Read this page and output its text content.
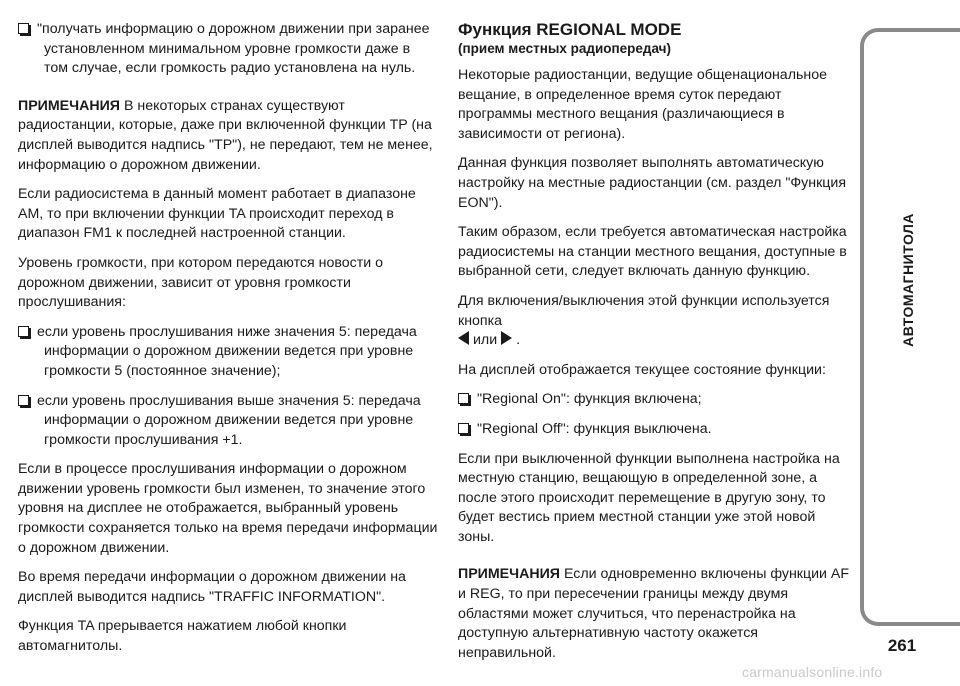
"получать информацию о дорожном движении при заранее установленном минимальном уровне громкости даже в том случае, если громкость радио установлена на нуль.

ПРИМЕЧАНИЯ В некоторых странах существуют радиостанции, которые, даже при включенной функции TP (на дисплей выводится надпись "TP"), не передают, тем не менее, информацию о дорожном движении.

Если радиосистема в данный момент работает в диапазоне AM, то при включении функции TA происходит переход в диапазон FM1 к последней настроенной станции.

Уровень громкости, при котором передаются новости о дорожном движении, зависит от уровня громкости прослушивания:

если уровень прослушивания ниже значения 5: передача информации о дорожном движении ведется при уровне громкости 5 (постоянное значение);

если уровень прослушивания выше значения 5: передача информации о дорожном движении ведется при уровне громкости прослушивания +1.

Если в процессе прослушивания информации о дорожном движении уровень громкости был изменен, то значение этого уровня на дисплее не отображается, выбранный уровень громкости сохраняется только на время передачи информации о дорожном движении.

Во время передачи информации о дорожном движении на дисплей выводится надпись "TRAFFIC INFORMATION".

Функция TA прерывается нажатием любой кнопки автомагнитолы.

Функция REGIONAL MODE
(прием местных радиопередач)

Некоторые радиостанции, ведущие общенациональное вещание, в определенное время суток передают программы местного вещания (различающиеся в зависимости от региона).

Данная функция позволяет выполнять автоматическую настройку на местные радиостанции (см. раздел "Функция EON").

Таким образом, если требуется автоматическая настройка радиосистемы на станции местного вещания, доступные в выбранной сети, следует включать данную функцию.

Для включения/выключения этой функции используется кнопка
или .

На дисплей отображается текущее состояние функции:

"Regional On": функция включена;

"Regional Off": функция выключена.

Если при выключенной функции выполнена настройка на местную станцию, вещающую в определенной зоне, а после этого происходит перемещение в другую зону, то будет вестись прием местной станции уже этой новой зоны.

ПРИМЕЧАНИЯ Если одновременно включены функции AF и REG, то при пересечении границы между двумя областями может случиться, что перенастройка на доступную альтернативную частоту окажется неправильной.

АВТОМАГНИТОЛА
261
carmanualsonline.info
